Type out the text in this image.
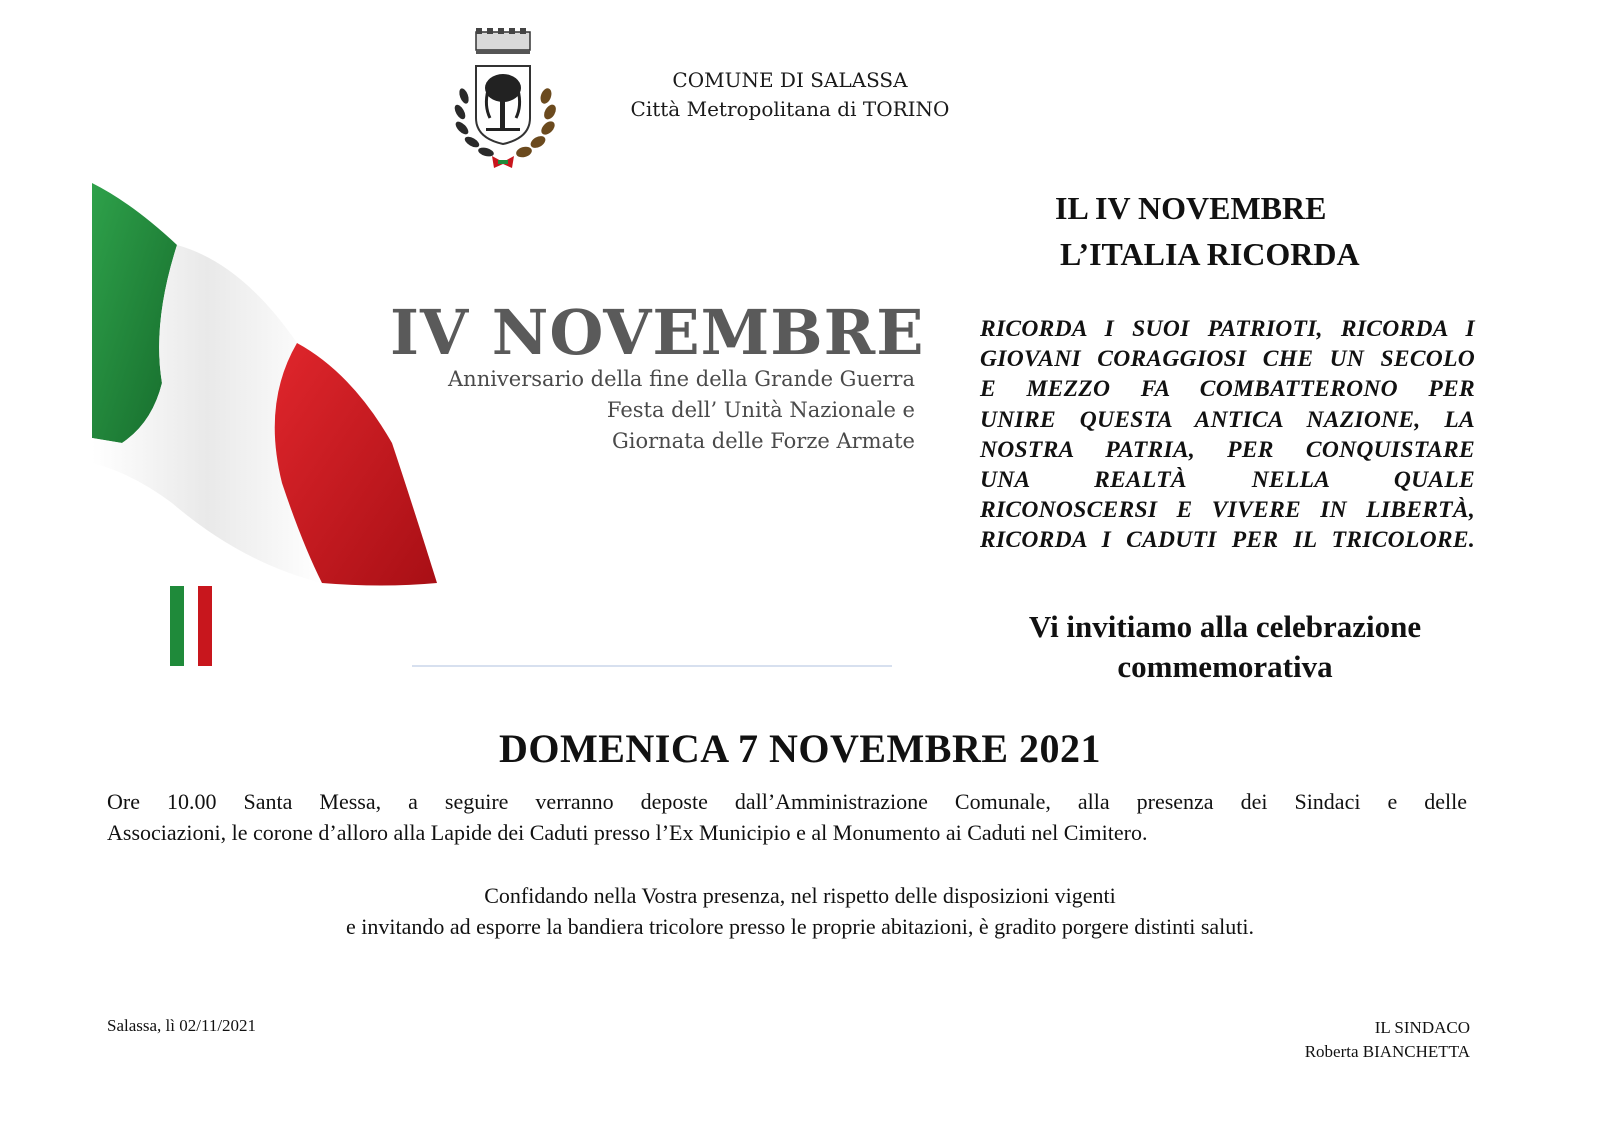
COMUNE DI SALASSA
Città Metropolitana di TORINO
IV NOVEMBRE
Anniversario della fine della Grande Guerra
Festa dell’ Unità Nazionale e
Giornata delle Forze Armate
IL IV NOVEMBRE
L’ITALIA RICORDA
RICORDA I SUOI PATRIOTI, RICORDA I
GIOVANI CORAGGIOSI CHE UN SECOLO
E MEZZO FA COMBATTERONO PER
UNIRE QUESTA ANTICA NAZIONE, LA
NOSTRA PATRIA, PER CONQUISTARE
UNA REALTÀ NELLA QUALE
RICONOSCERSI E VIVERE IN LIBERTÀ,
RICORDA I CADUTI PER IL TRICOLORE.
Vi invitiamo alla celebrazione
commemorativa
DOMENICA 7 NOVEMBRE 2021
Ore 10.00 Santa Messa, a seguire verranno deposte dall’Amministrazione Comunale, alla presenza dei Sindaci e delle
Associazioni, le corone d’alloro alla Lapide dei Caduti presso l’Ex Municipio e al Monumento ai Caduti nel Cimitero.
Confidando nella Vostra presenza, nel rispetto delle disposizioni vigenti
e invitando ad esporre la bandiera tricolore presso le proprie abitazioni, è gradito porgere distinti saluti.
Salassa, lì 02/11/2021	IL SINDACO
Roberta BIANCHETTA
